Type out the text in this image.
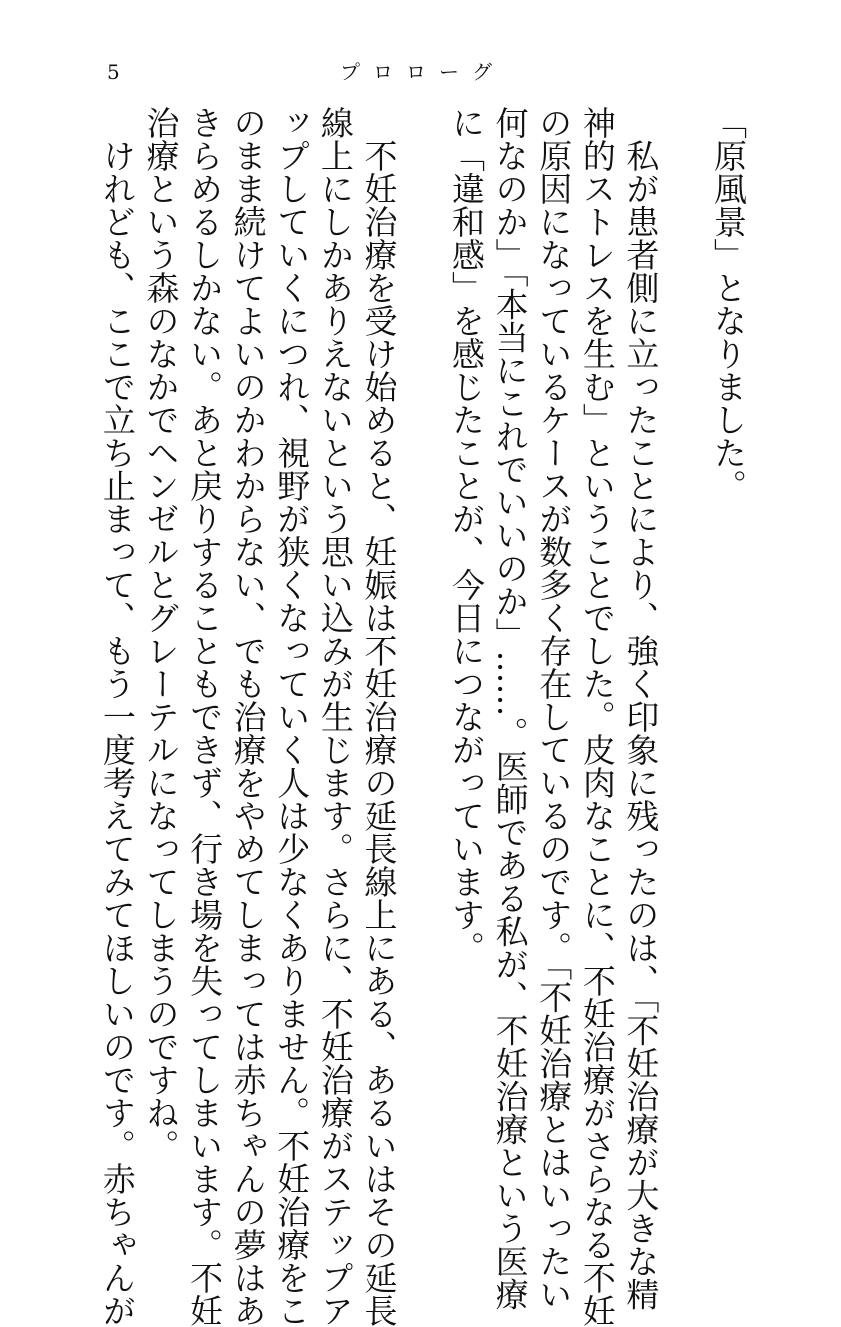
5	プロローグ
「原風景」となりました。
　私が患者側に立ったことにより、強く印象に残ったのは、「不妊治療が大きな精
神的ストレスを生む」ということでした。皮肉なことに、不妊治療がさらなる不妊
の原因になっているケースが数多く存在しているのです。「不妊治療とはいったい
何なのか」「本当にこれでいいのか」……。医師である私が、不妊治療という医療
に「違和感」を感じたことが、今日につながっています。
　不妊治療を受け始めると、妊娠は不妊治療の延長線上にある、あるいはその延長
線上にしかありえないという思い込みが生じます。さらに、不妊治療がステップア
ップしていくにつれ、視野が狭くなっていく人は少なくありません。不妊治療をこ
のまま続けてよいのかわからない、でも治療をやめてしまっては赤ちゃんの夢はあ
きらめるしかない。あと戻りすることもできず、行き場を失ってしまいます。不妊
治療という森のなかでヘンゼルとグレーテルになってしまうのですね。
　けれども、ここで立ち止まって、もう一度考えてみてほしいのです。赤ちゃんが
